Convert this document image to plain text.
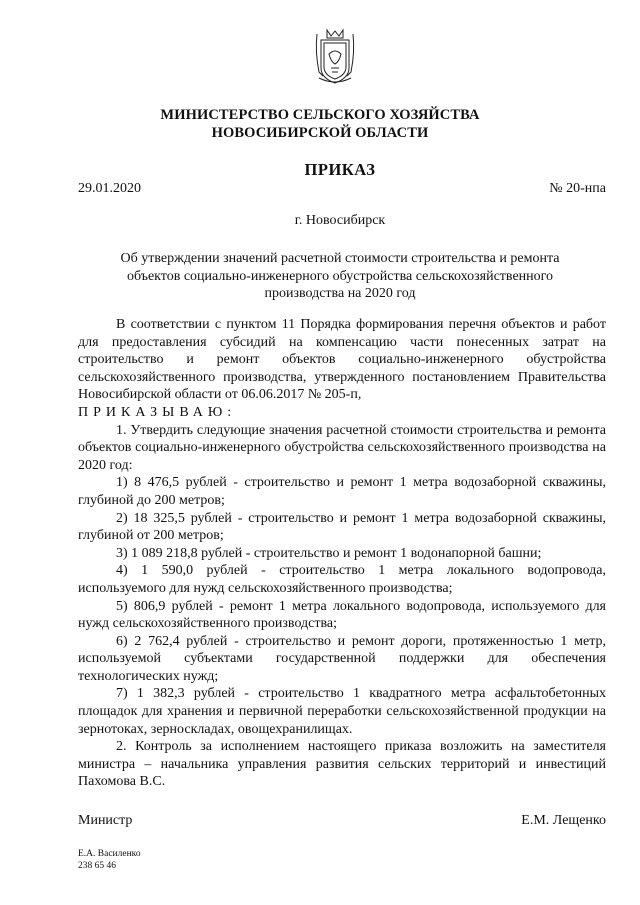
МИНИСТЕРСТВО СЕЛЬСКОГО ХОЗЯЙСТВА
НОВОСИБИРСКОЙ ОБЛАСТИ
ПРИКАЗ
29.01.2020	№ 20-нпа
г. Новосибирск
Об утверждении значений расчетной стоимости строительства и ремонта объектов социально-инженерного обустройства сельскохозяйственного производства на 2020 год

В соответствии с пунктом 11 Порядка формирования перечня объектов и работ для предоставления субсидий на компенсацию части понесенных затрат на строительство и ремонт объектов социально-инженерного обустройства сельскохозяйственного производства, утвержденного постановлением Правительства Новосибирской области от 06.06.2017 № 205-п,

ПРИКАЗЫВАЮ:

1. Утвердить следующие значения расчетной стоимости строительства и ремонта объектов социально-инженерного обустройства сельскохозяйственного производства на 2020 год:

1) 8 476,5 рублей - строительство и ремонт 1 метра водозаборной скважины, глубиной до 200 метров;

2) 18 325,5 рублей - строительство и ремонт 1 метра водозаборной скважины, глубиной от 200 метров;

3) 1 089 218,8 рублей - строительство и ремонт 1 водонапорной башни;

4) 1 590,0 рублей - строительство 1 метра локального водопровода, используемого для нужд сельскохозяйственного производства;

5) 806,9 рублей - ремонт 1 метра локального водопровода, используемого для нужд сельскохозяйственного производства;

6) 2 762,4 рублей - строительство и ремонт дороги, протяженностью 1 метр, используемой субъектами государственной поддержки для обеспечения технологических нужд;

7) 1 382,3 рублей - строительство 1 квадратного метра асфальтобетонных площадок для хранения и первичной переработки сельскохозяйственной продукции на зернотоках, зерноскладах, овощехранилищах.

2. Контроль за исполнением настоящего приказа возложить на заместителя министра – начальника управления развития сельских территорий и инвестиций Пахомова В.С.

Министр	Е.М. Лещенко
Е.А. Василенко
238 65 46
